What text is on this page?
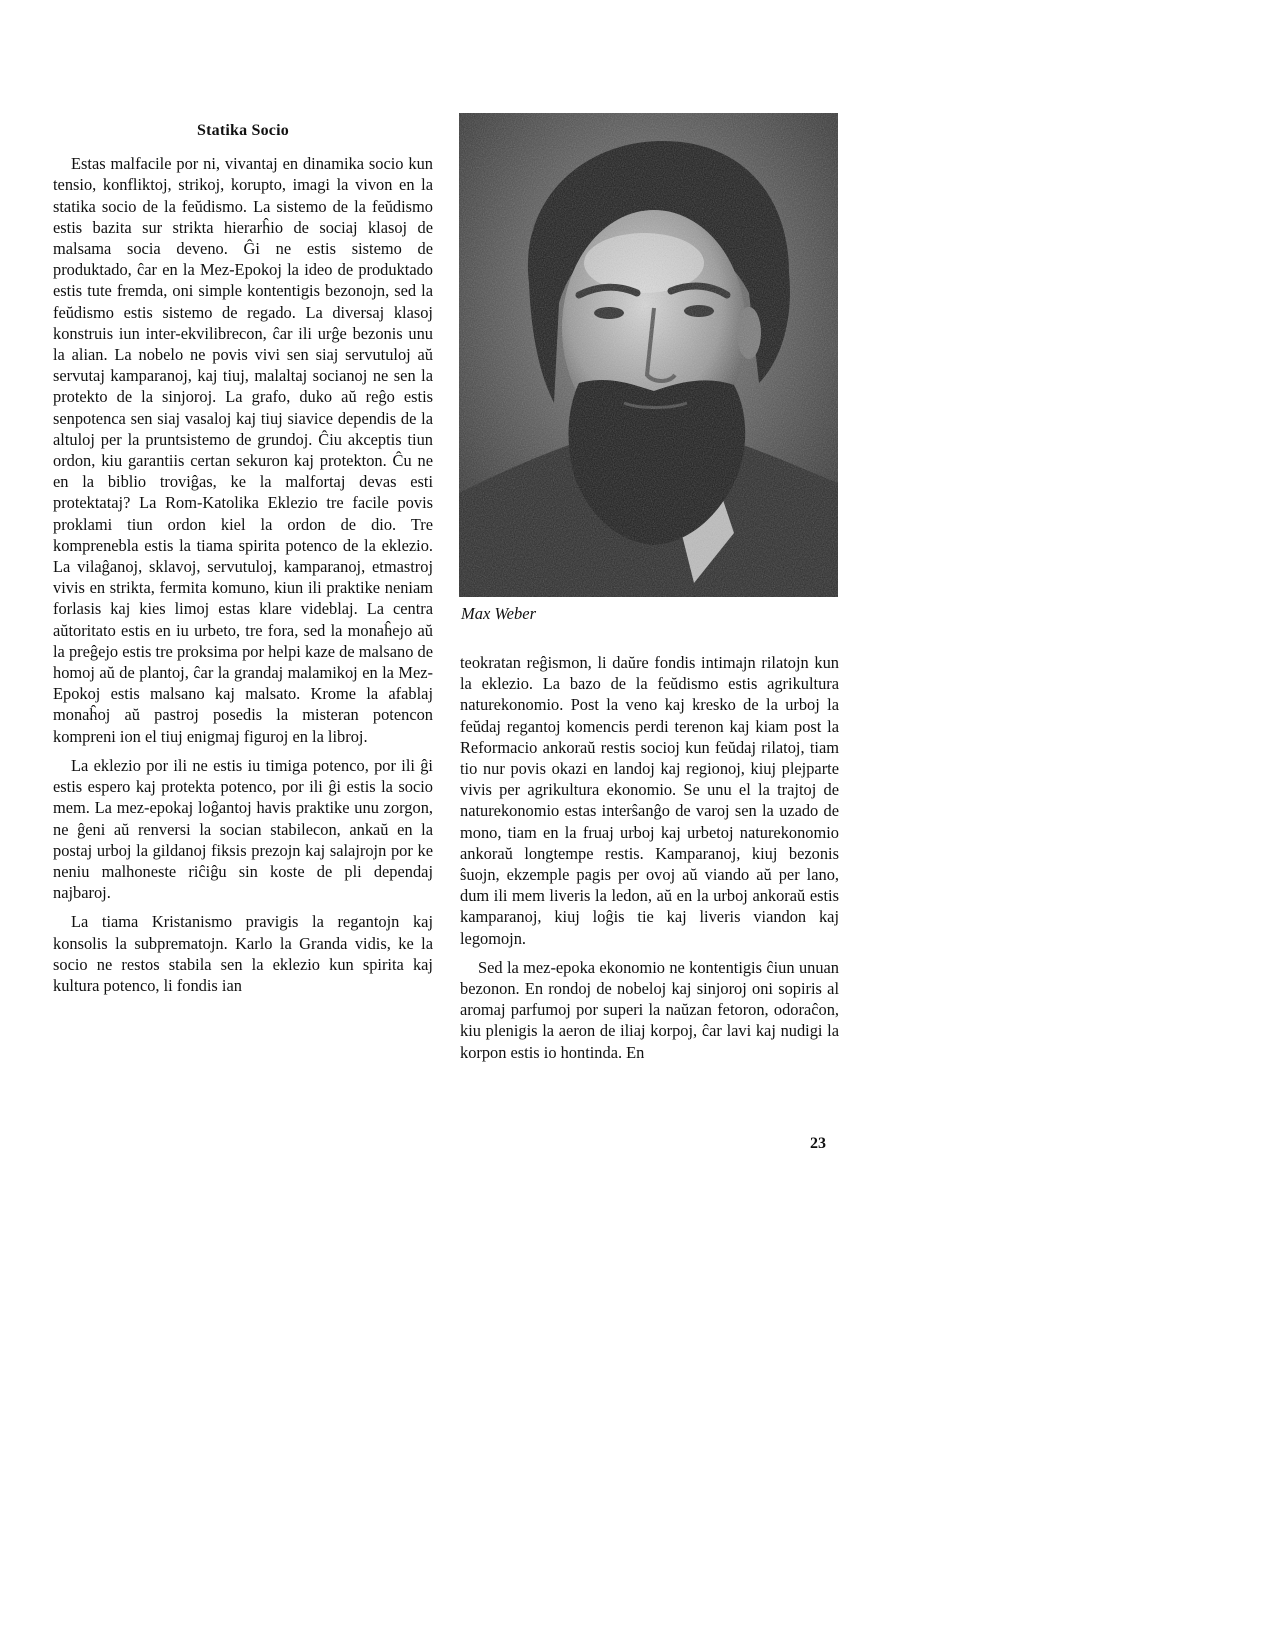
Statika Socio

Estas malfacile por ni, vivantaj en dinamika socio kun tensio, konfliktoj, strikoj, korupto, imagi la vivon en la statika socio de la feŭdismo. La sistemo de la feŭdismo estis bazita sur strikta hierarĥio de sociaj klasoj de malsama socia deveno. Ĝi ne estis sistemo de produktado, ĉar en la Mez-Epokoj la ideo de produktado estis tute fremda, oni simple kontentigis bezonojn, sed la feŭdismo estis sistemo de regado. La diversaj klasoj konstruis iun inter-ekvilibrecon, ĉar ili urĝe bezonis unu la alian. La nobelo ne povis vivi sen siaj servutuloj aŭ servutaj kamparanoj, kaj tiuj, malaltaj socianoj ne sen la protekto de la sinjoroj. La grafo, duko aŭ reĝo estis senpotenca sen siaj vasaloj kaj tiuj siavice dependis de la altuloj per la pruntsistemo de grundoj. Ĉiu akceptis tiun ordon, kiu garantiis certan sekuron kaj protekton. Ĉu ne en la biblio troviĝas, ke la malfortaj devas esti protektataj? La Rom-Katolika Eklezio tre facile povis proklami tiun ordon kiel la ordon de dio. Tre komprenebla estis la tiama spirita potenco de la eklezio. La vilaĝanoj, sklavoj, servutuloj, kamparanoj, etmastroj vivis en strikta, fermita komuno, kiun ili praktike neniam forlasis kaj kies limoj estas klare videblaj. La centra aŭtoritato estis en iu urbeto, tre fora, sed la monaĥejo aŭ la preĝejo estis tre proksima por helpi kaze de malsano de homoj aŭ de plantoj, ĉar la grandaj malamikoj en la Mez-Epokoj estis malsano kaj malsato. Krome la afablaj monaĥoj aŭ pastroj posedis la misteran potencon kompreni ion el tiuj enigmaj figuroj en la libroj.

La eklezio por ili ne estis iu timiga potenco, por ili ĝi estis espero kaj protekta potenco, por ili ĝi estis la socio mem. La mez-epokaj loĝantoj havis praktike unu zorgon, ne ĝeni aŭ renversi la socian stabilecon, ankaŭ en la postaj urboj la gildanoj fiksis prezojn kaj salajrojn por ke neniu malhoneste riĉiĝu sin koste de pli dependaj najbaroj.

La tiama Kristanismo pravigis la regantojn kaj konsolis la subprematojn. Karlo la Granda vidis, ke la socio ne restos stabila sen la eklezio kun spirita kaj kultura potenco, li fondis ian

Max Weber

teokratan reĝismon, li daŭre fondis intimajn rilatojn kun la eklezio. La bazo de la feŭdismo estis agrikultura naturekonomio. Post la veno kaj kresko de la urboj la feŭdaj regantoj komencis perdi terenon kaj kiam post la Reformacio ankoraŭ restis socioj kun feŭdaj rilatoj, tiam tio nur povis okazi en landoj kaj regionoj, kiuj plejparte vivis per agrikultura ekonomio. Se unu el la trajtoj de naturekonomio estas interŝanĝo de varoj sen la uzado de mono, tiam en la fruaj urboj kaj urbetoj naturekonomio ankoraŭ longtempe restis. Kamparanoj, kiuj bezonis ŝuojn, ekzemple pagis per ovoj aŭ viando aŭ per lano, dum ili mem liveris la ledon, aŭ en la urboj ankoraŭ estis kamparanoj, kiuj loĝis tie kaj liveris viandon kaj legomojn.

Sed la mez-epoka ekonomio ne kontentigis ĉiun unuan bezonon. En rondoj de nobeloj kaj sinjoroj oni sopiris al aromaj parfumoj por superi la naŭzan fetoron, odoraĉon, kiu plenigis la aeron de iliaj korpoj, ĉar lavi kaj nudigi la korpon estis io hontinda. En

23
